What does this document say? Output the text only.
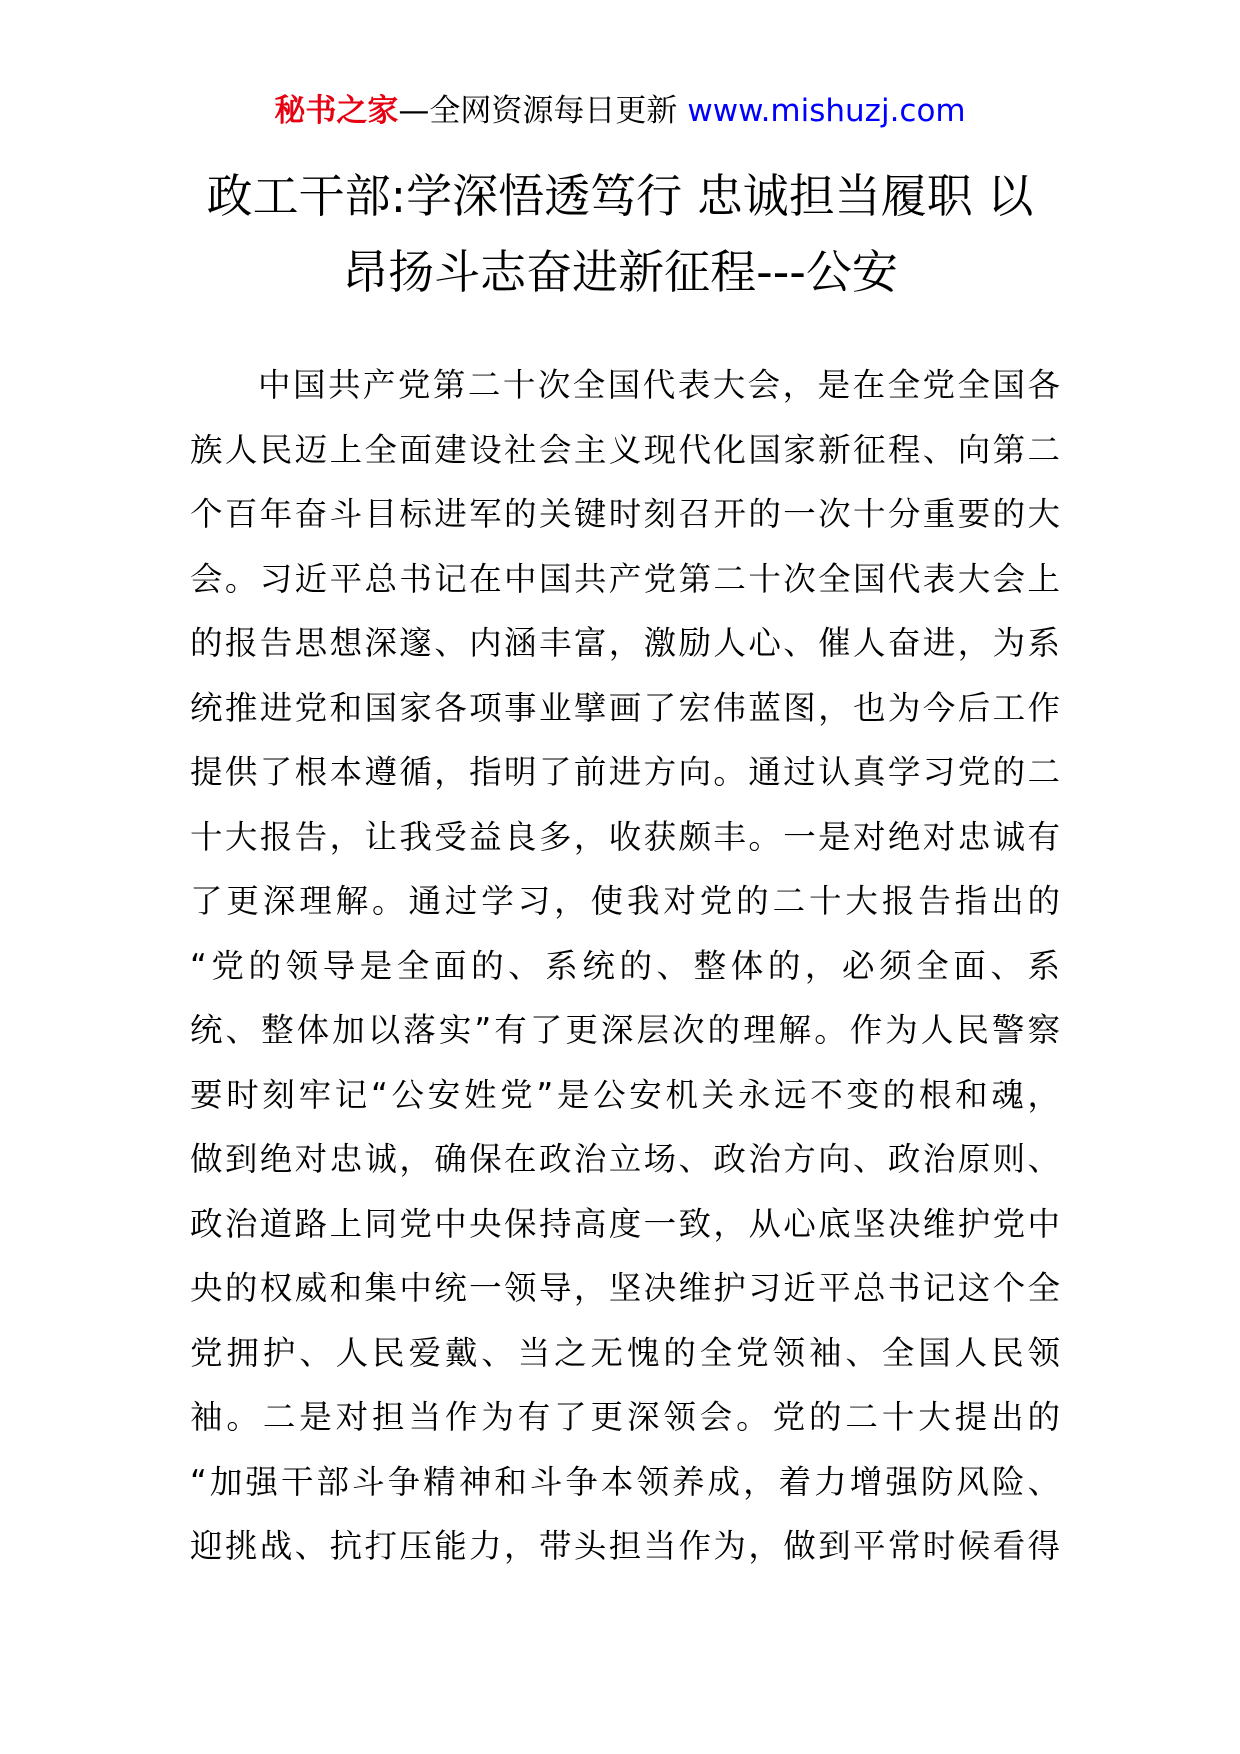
秘书之家—全网资源每日更新 www.mishuzj.com
政工干部:学深悟透笃行 忠诚担当履职 以
昂扬斗志奋进新征程---公安
中国共产党第二十次全国代表大会，是在全党全国各
族人民迈上全面建设社会主义现代化国家新征程、向第二
个百年奋斗目标进军的关键时刻召开的一次十分重要的大
会。习近平总书记在中国共产党第二十次全国代表大会上
的报告思想深邃、内涵丰富，激励人心、催人奋进，为系
统推进党和国家各项事业擘画了宏伟蓝图，也为今后工作
提供了根本遵循，指明了前进方向。通过认真学习党的二
十大报告，让我受益良多，收获颇丰。一是对绝对忠诚有
了更深理解。通过学习，使我对党的二十大报告指出的
“党的领导是全面的、系统的、整体的，必须全面、系
统、整体加以落实”有了更深层次的理解。作为人民警察
要时刻牢记“公安姓党”是公安机关永远不变的根和魂，
做到绝对忠诚，确保在政治立场、政治方向、政治原则、
政治道路上同党中央保持高度一致，从心底坚决维护党中
央的权威和集中统一领导，坚决维护习近平总书记这个全
党拥护、人民爱戴、当之无愧的全党领袖、全国人民领
袖。二是对担当作为有了更深领会。党的二十大提出的
“加强干部斗争精神和斗争本领养成，着力增强防风险、
迎挑战、抗打压能力，带头担当作为，做到平常时候看得
